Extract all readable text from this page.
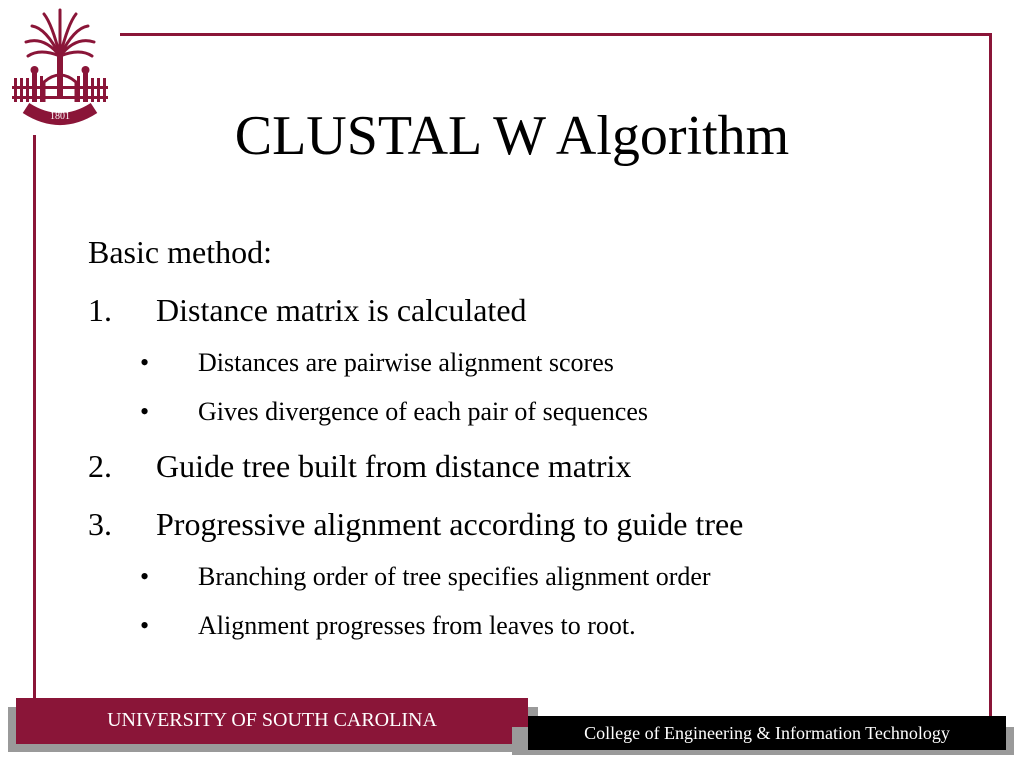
1801	CLUSTAL W Algorithm
Basic method:
1. Distance matrix is calculated
• Distances are pairwise alignment scores
• Gives divergence of each pair of sequences
2. Guide tree built from distance matrix
3. Progressive alignment according to guide tree
• Branching order of tree specifies alignment order
• Alignment progresses from leaves to root.
UNIVERSITY OF SOUTH CAROLINA
College of Engineering & Information Technology
